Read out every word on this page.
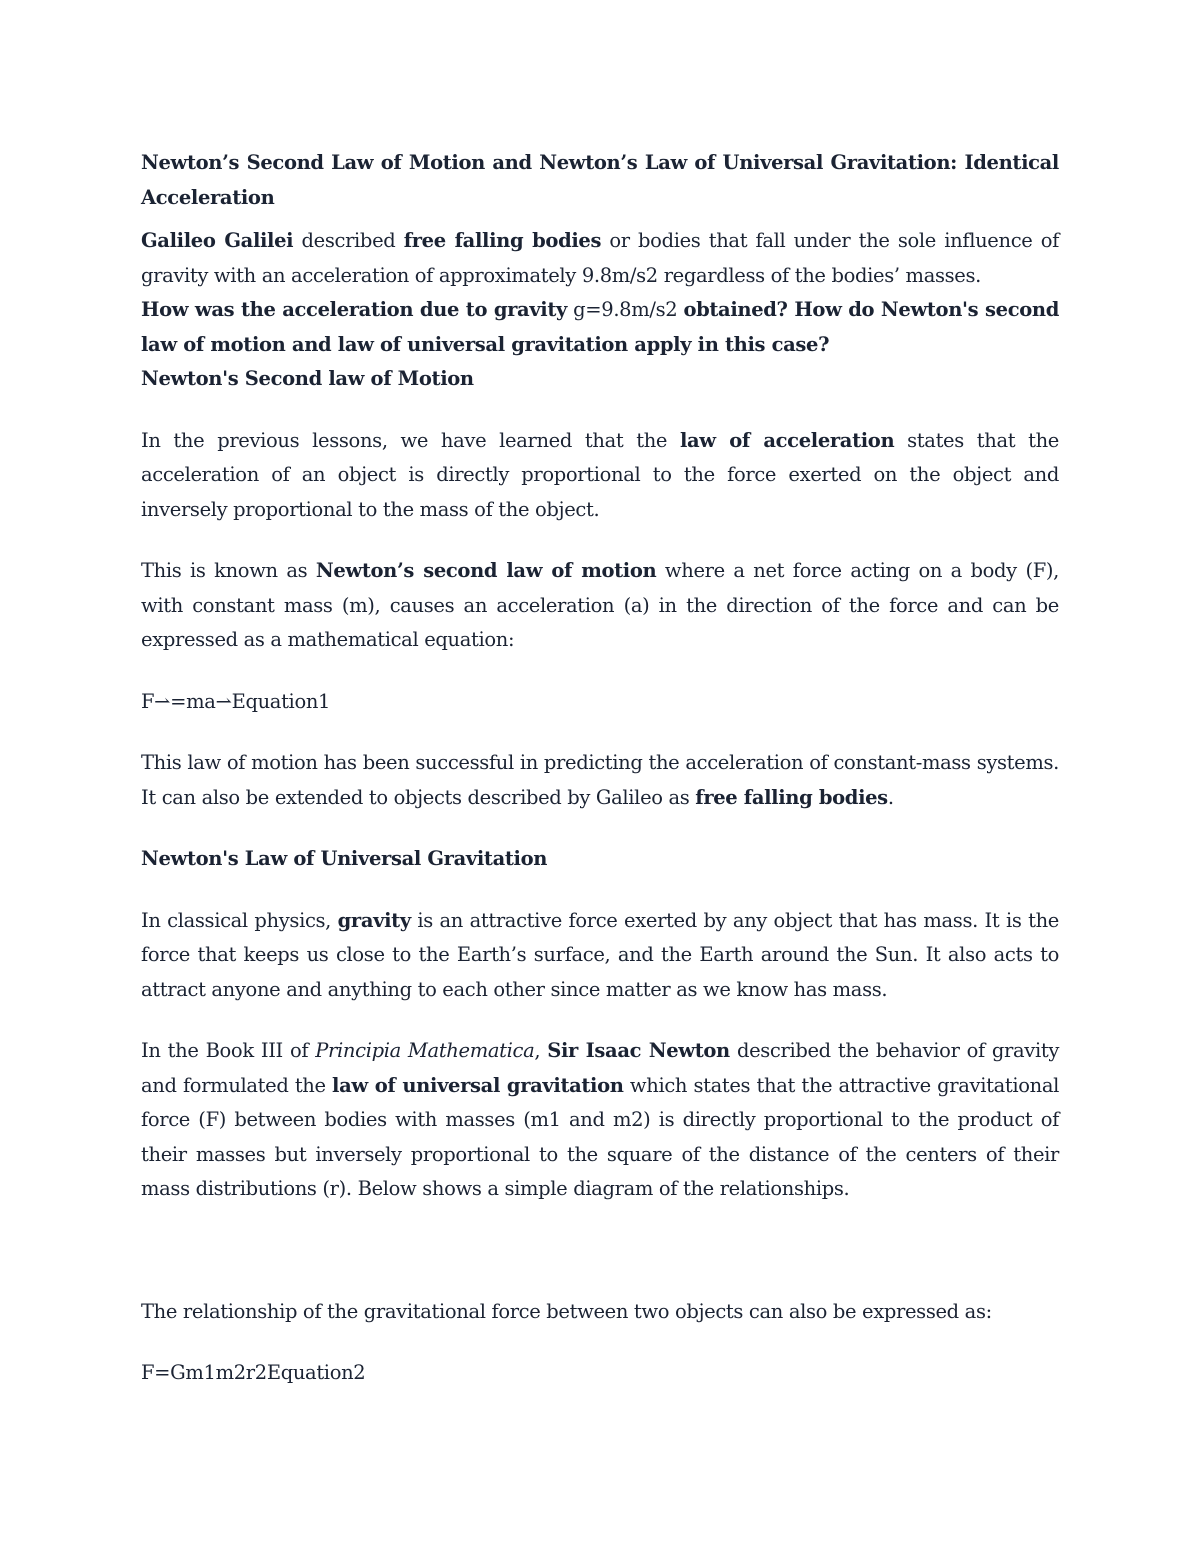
Newton’s Second Law of Motion and Newton’s Law of Universal Gravitation: Identical Acceleration

Galileo Galilei described free falling bodies or bodies that fall under the sole influence of gravity with an acceleration of approximately 9.8m/s2 regardless of the bodies’ masses.

How was the acceleration due to gravity g=9.8m/s2 obtained? How do Newton's second law of motion and law of universal gravitation apply in this case?

Newton's Second law of Motion

In the previous lessons, we have learned that the law of acceleration states that the acceleration of an object is directly proportional to the force exerted on the object and inversely proportional to the mass of the object.

This is known as Newton’s second law of motion where a net force acting on a body (F), with constant mass (m), causes an acceleration (a) in the direction of the force and can be expressed as a mathematical equation:

F⇀=ma⇀Equation1

This law of motion has been successful in predicting the acceleration of constant-mass systems. It can also be extended to objects described by Galileo as free falling bodies.

Newton's Law of Universal Gravitation

In classical physics, gravity is an attractive force exerted by any object that has mass. It is the force that keeps us close to the Earth’s surface, and the Earth around the Sun. It also acts to attract anyone and anything to each other since matter as we know has mass.

In the Book III of Principia Mathematica, Sir Isaac Newton described the behavior of gravity and formulated the law of universal gravitation which states that the attractive gravitational force (F) between bodies with masses (m1 and m2) is directly proportional to the product of their masses but inversely proportional to the square of the distance of the centers of their mass distributions (r). Below shows a simple diagram of the relationships.

The relationship of the gravitational force between two objects can also be expressed as:

F=Gm1m2r2Equation2
